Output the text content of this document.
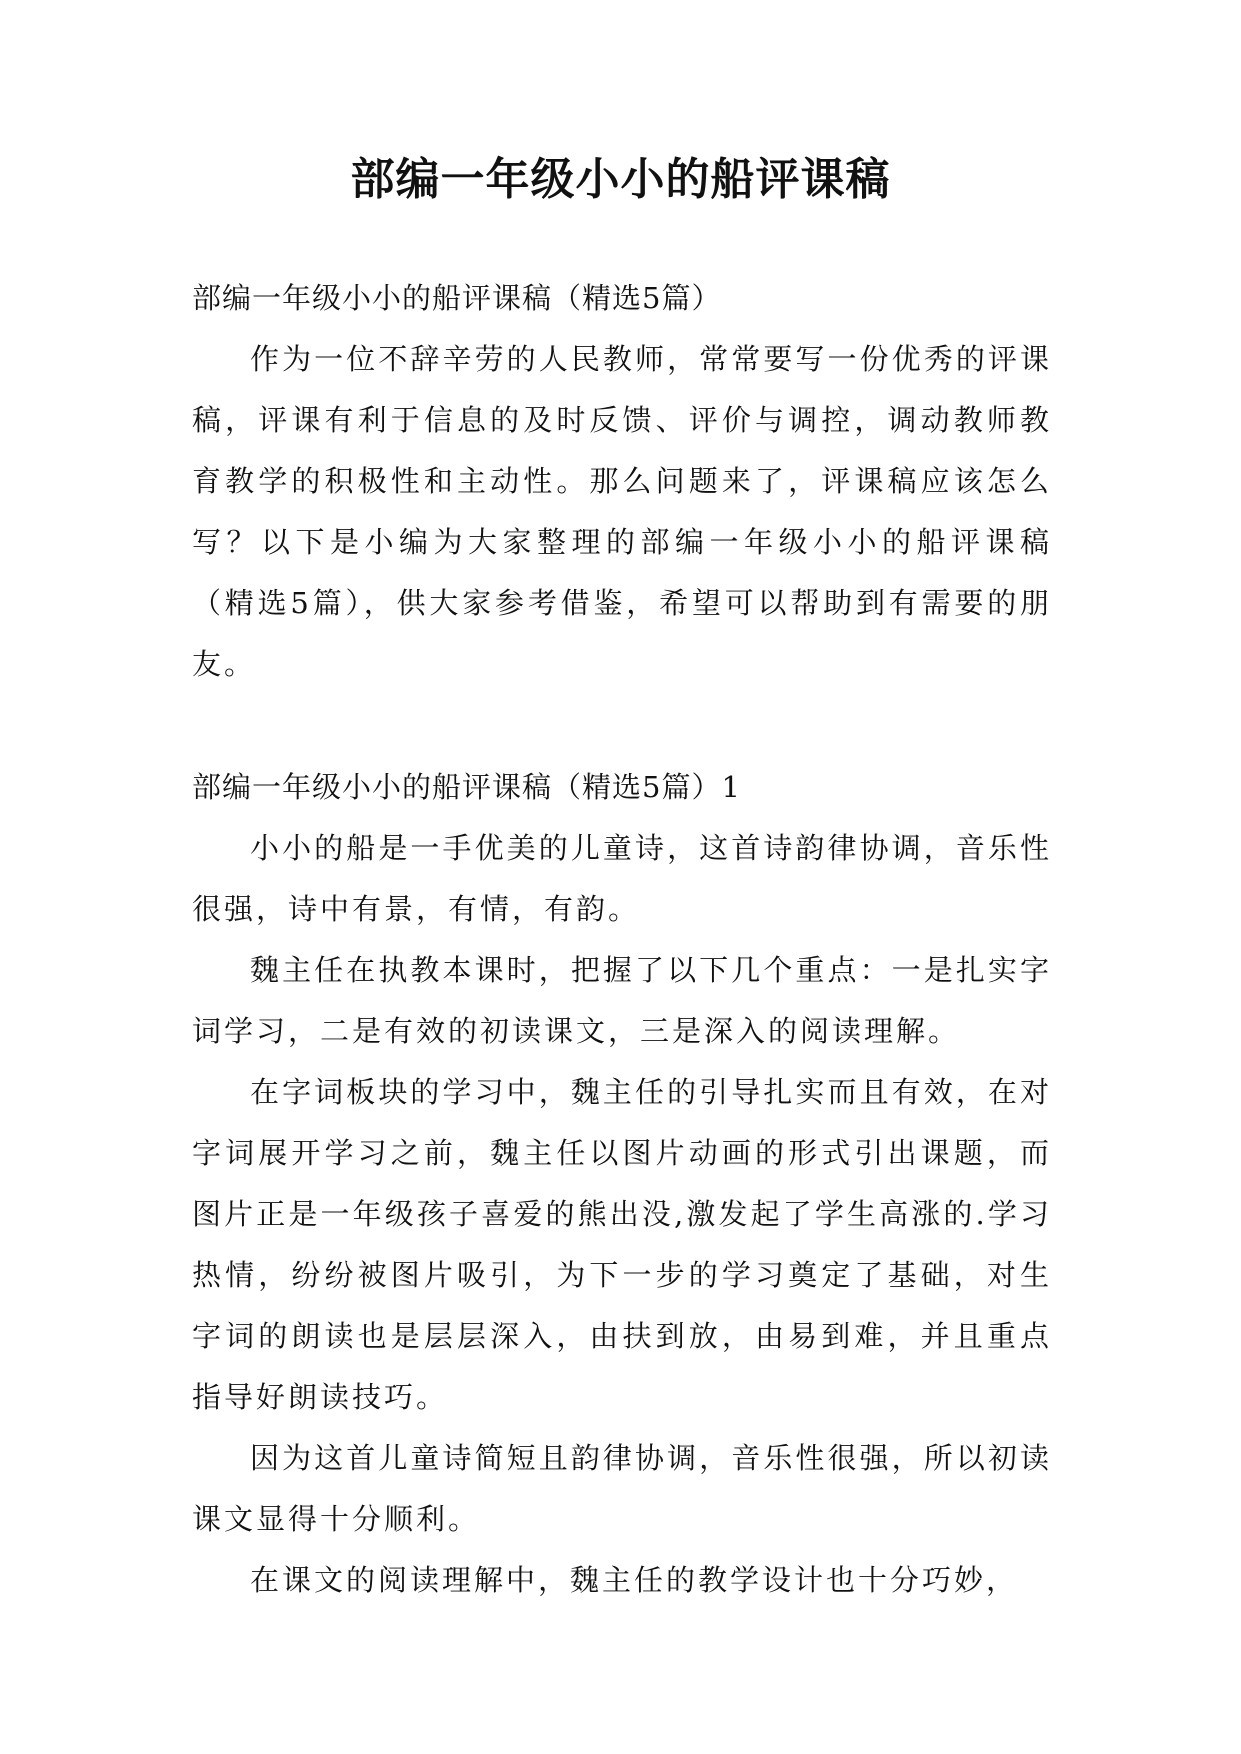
部编一年级小小的船评课稿

部编一年级小小的船评课稿（精选5篇）

作为一位不辞辛劳的人民教师，常常要写一份优秀的评课稿，评课有利于信息的及时反馈、评价与调控，调动教师教育教学的积极性和主动性。那么问题来了，评课稿应该怎么写？以下是小编为大家整理的部编一年级小小的船评课稿（精选5篇），供大家参考借鉴，希望可以帮助到有需要的朋友。

部编一年级小小的船评课稿（精选5篇）1

小小的船是一手优美的儿童诗，这首诗韵律协调，音乐性很强，诗中有景，有情，有韵。

魏主任在执教本课时，把握了以下几个重点：一是扎实字词学习，二是有效的初读课文，三是深入的阅读理解。

在字词板块的学习中，魏主任的引导扎实而且有效，在对字词展开学习之前，魏主任以图片动画的形式引出课题，而图片正是一年级孩子喜爱的熊出没,激发起了学生高涨的.学习热情，纷纷被图片吸引，为下一步的学习奠定了基础，对生字词的朗读也是层层深入，由扶到放，由易到难，并且重点指导好朗读技巧。

因为这首儿童诗简短且韵律协调，音乐性很强，所以初读课文显得十分顺利。

在课文的阅读理解中，魏主任的教学设计也十分巧妙，
